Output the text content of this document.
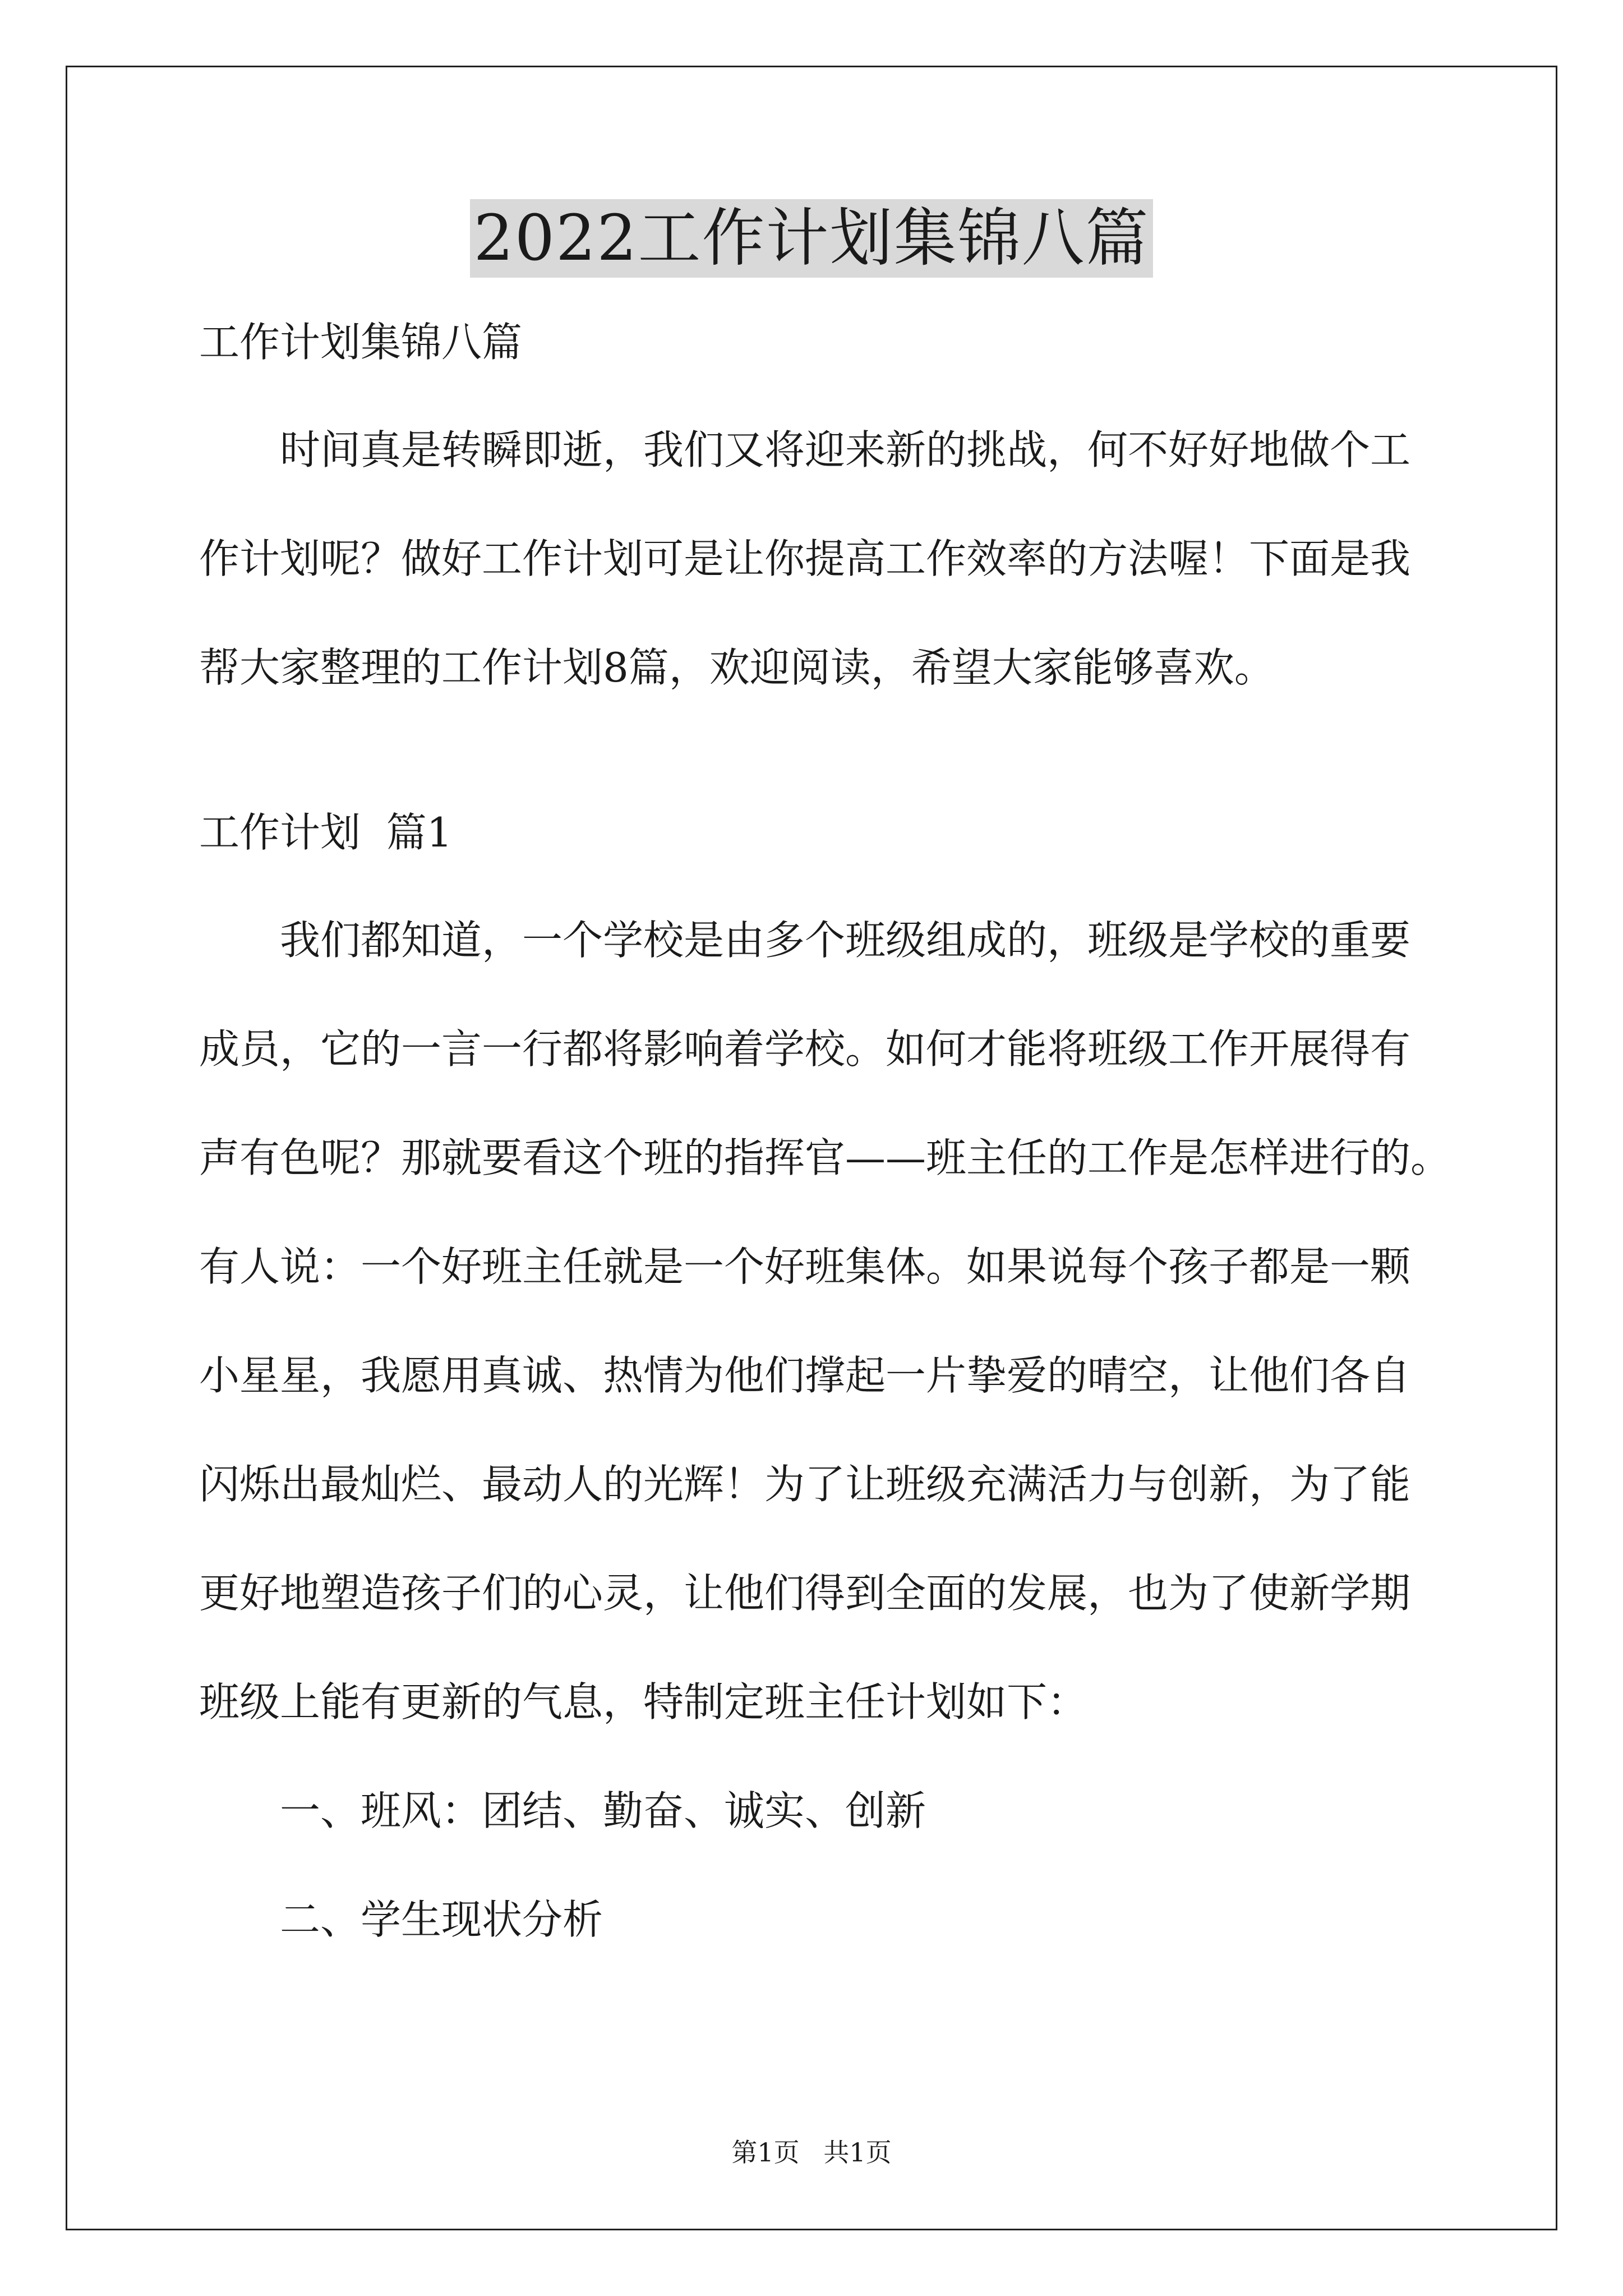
2022工作计划集锦八篇

工作计划集锦八篇

时间真是转瞬即逝，我们又将迎来新的挑战，何不好好地做个工

作计划呢？做好工作计划可是让你提高工作效率的方法喔！下面是我

帮大家整理的工作计划8篇，欢迎阅读，希望大家能够喜欢。

工作计划  篇1

我们都知道，一个学校是由多个班级组成的，班级是学校的重要

成员，它的一言一行都将影响着学校。如何才能将班级工作开展得有

声有色呢？那就要看这个班的指挥官——班主任的工作是怎样进行的。

有人说：一个好班主任就是一个好班集体。如果说每个孩子都是一颗

小星星，我愿用真诚、热情为他们撑起一片挚爱的晴空，让他们各自

闪烁出最灿烂、最动人的光辉！为了让班级充满活力与创新，为了能

更好地塑造孩子们的心灵，让他们得到全面的发展，也为了使新学期

班级上能有更新的气息，特制定班主任计划如下：

一、班风：团结、勤奋、诚实、创新

二、学生现状分析

第1页 共1页
